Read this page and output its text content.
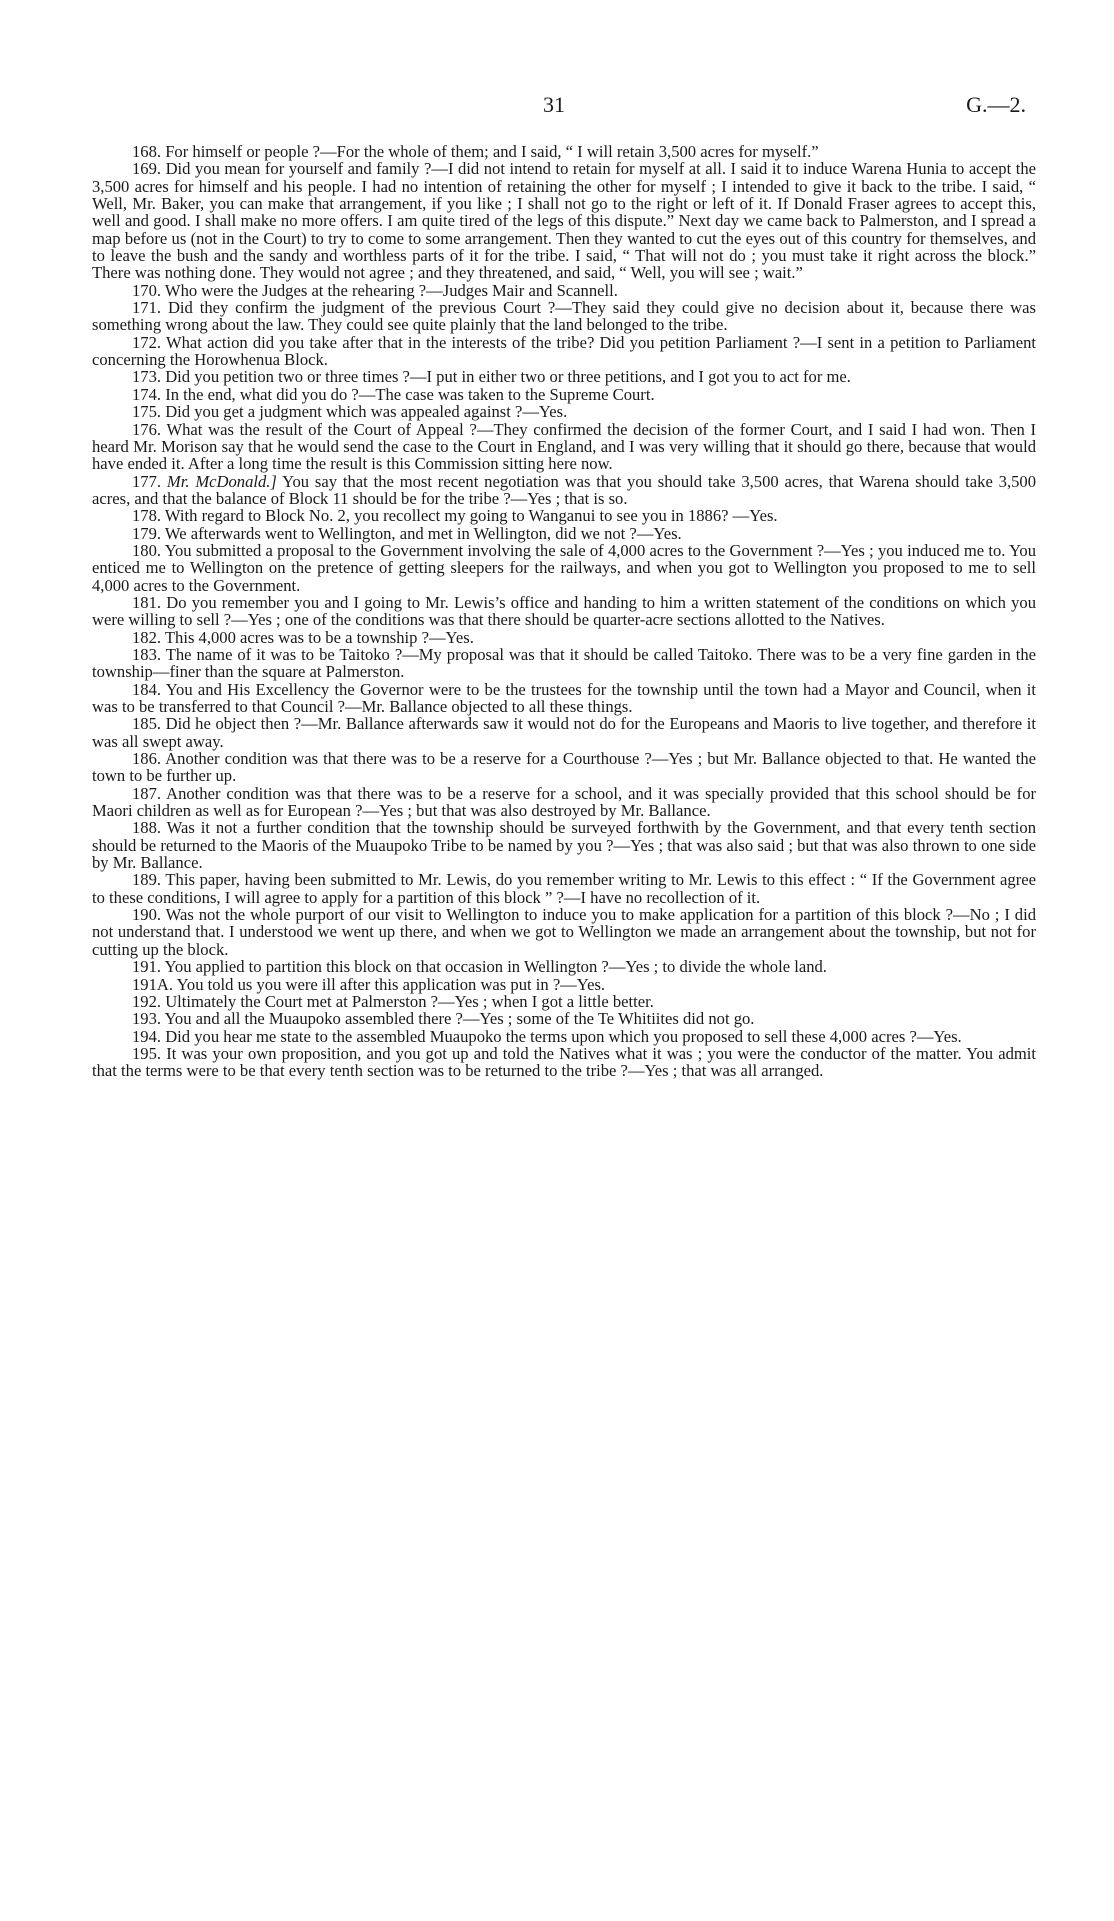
31	G.—2.

168. For himself or people ?—For the whole of them; and I said, “ I will retain 3,500 acres for myself.”

169. Did you mean for yourself and family ?—I did not intend to retain for myself at all. I said it to induce Warena Hunia to accept the 3,500 acres for himself and his people. I had no intention of retaining the other for myself ; I intended to give it back to the tribe. I said, “ Well, Mr. Baker, you can make that arrangement, if you like ; I shall not go to the right or left of it. If Donald Fraser agrees to accept this, well and good. I shall make no more offers. I am quite tired of the legs of this dispute.” Next day we came back to Palmerston, and I spread a map before us (not in the Court) to try to come to some arrangement. Then they wanted to cut the eyes out of this country for themselves, and to leave the bush and the sandy and worthless parts of it for the tribe. I said, “ That will not do ; you must take it right across the block.” There was nothing done. They would not agree ; and they threatened, and said, “ Well, you will see ; wait.”

170. Who were the Judges at the rehearing ?—Judges Mair and Scannell.

171. Did they confirm the judgment of the previous Court ?—They said they could give no decision about it, because there was something wrong about the law. They could see quite plainly that the land belonged to the tribe.

172. What action did you take after that in the interests of the tribe? Did you petition Parliament ?—I sent in a petition to Parliament concerning the Horowhenua Block.

173. Did you petition two or three times ?—I put in either two or three petitions, and I got you to act for me.

174. In the end, what did you do ?—The case was taken to the Supreme Court.

175. Did you get a judgment which was appealed against ?—Yes.

176. What was the result of the Court of Appeal ?—They confirmed the decision of the former Court, and I said I had won. Then I heard Mr. Morison say that he would send the case to the Court in England, and I was very willing that it should go there, because that would have ended it. After a long time the result is this Commission sitting here now.

177. Mr. McDonald.] You say that the most recent negotiation was that you should take 3,500 acres, that Warena should take 3,500 acres, and that the balance of Block 11 should be for the tribe ?—Yes ; that is so.

178. With regard to Block No. 2, you recollect my going to Wanganui to see you in 1886? —Yes.

179. We afterwards went to Wellington, and met in Wellington, did we not ?—Yes.

180. You submitted a proposal to the Government involving the sale of 4,000 acres to the Government ?—Yes ; you induced me to. You enticed me to Wellington on the pretence of getting sleepers for the railways, and when you got to Wellington you proposed to me to sell 4,000 acres to the Government.

181. Do you remember you and I going to Mr. Lewis’s office and handing to him a written statement of the conditions on which you were willing to sell ?—Yes ; one of the conditions was that there should be quarter-acre sections allotted to the Natives.

182. This 4,000 acres was to be a township ?—Yes.

183. The name of it was to be Taitoko ?—My proposal was that it should be called Taitoko. There was to be a very fine garden in the township—finer than the square at Palmerston.

184. You and His Excellency the Governor were to be the trustees for the township until the town had a Mayor and Council, when it was to be transferred to that Council ?—Mr. Ballance objected to all these things.

185. Did he object then ?—Mr. Ballance afterwards saw it would not do for the Europeans and Maoris to live together, and therefore it was all swept away.

186. Another condition was that there was to be a reserve for a Courthouse ?—Yes ; but Mr. Ballance objected to that. He wanted the town to be further up.

187. Another condition was that there was to be a reserve for a school, and it was specially provided that this school should be for Maori children as well as for European ?—Yes ; but that was also destroyed by Mr. Ballance.

188. Was it not a further condition that the township should be surveyed forthwith by the Government, and that every tenth section should be returned to the Maoris of the Muaupoko Tribe to be named by you ?—Yes ; that was also said ; but that was also thrown to one side by Mr. Ballance.

189. This paper, having been submitted to Mr. Lewis, do you remember writing to Mr. Lewis to this effect : “ If the Government agree to these conditions, I will agree to apply for a partition of this block ” ?—I have no recollection of it.

190. Was not the whole purport of our visit to Wellington to induce you to make application for a partition of this block ?—No ; I did not understand that. I understood we went up there, and when we got to Wellington we made an arrangement about the township, but not for cutting up the block.

191. You applied to partition this block on that occasion in Wellington ?—Yes ; to divide the whole land.

191A. You told us you were ill after this application was put in ?—Yes.

192. Ultimately the Court met at Palmerston ?—Yes ; when I got a little better.

193. You and all the Muaupoko assembled there ?—Yes ; some of the Te Whitiites did not go.

194. Did you hear me state to the assembled Muaupoko the terms upon which you proposed to sell these 4,000 acres ?—Yes.

195. It was your own proposition, and you got up and told the Natives what it was ; you were the conductor of the matter. You admit that the terms were to be that every tenth section was to be returned to the tribe ?—Yes ; that was all arranged.
